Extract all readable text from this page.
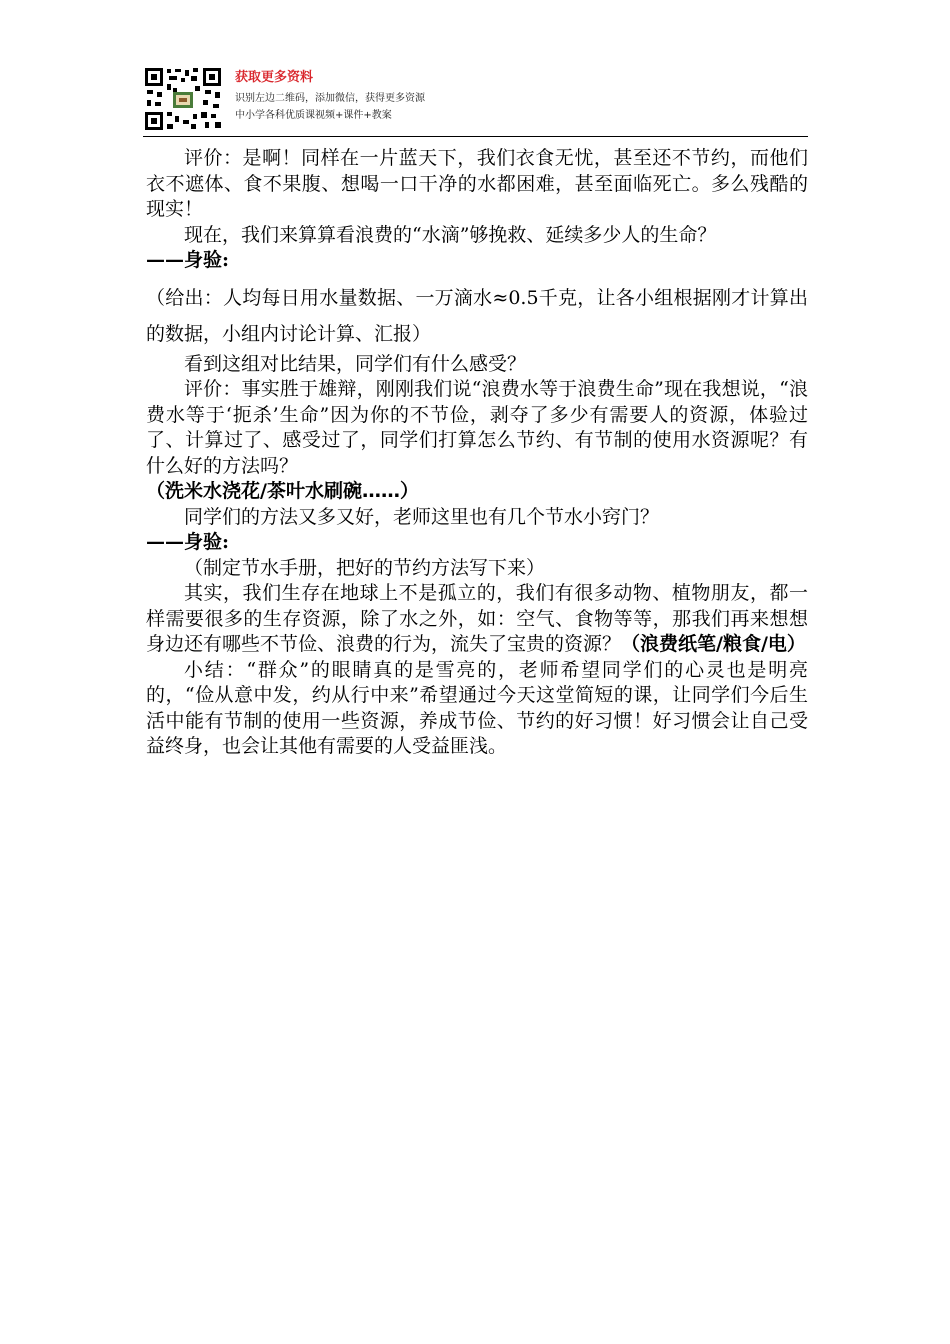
获取更多资料
识别左边二维码，添加微信，获得更多资源
中小学各科优质课视频+课件+教案

评价：是啊！同样在一片蓝天下，我们衣食无忧，甚至还不节约，而他们衣不遮体、食不果腹、想喝一口干净的水都困难，甚至面临死亡。多么残酷的现实！

现在，我们来算算看浪费的“水滴”够挽救、延续多少人的生命？

——身验:

（给出：人均每日用水量数据、一万滴水≈0.5千克，让各小组根据刚才计算出的数据，小组内讨论计算、汇报）

看到这组对比结果，同学们有什么感受？

评价：事实胜于雄辩，刚刚我们说“浪费水等于浪费生命”现在我想说，“浪费水等于‘扼杀’生命”因为你的不节俭，剥夺了多少有需要人的资源，体验过了、计算过了、感受过了，同学们打算怎么节约、有节制的使用水资源呢？有什么好的方法吗？

（洗米水浇花/茶叶水刷碗……）

同学们的方法又多又好，老师这里也有几个节水小窍门？

——身验:

（制定节水手册，把好的节约方法写下来）

其实，我们生存在地球上不是孤立的，我们有很多动物、植物朋友，都一样需要很多的生存资源，除了水之外，如：空气、食物等等，那我们再来想想身边还有哪些不节俭、浪费的行为，流失了宝贵的资源？（浪费纸笔/粮食/电）

小结：“群众”的眼睛真的是雪亮的，老师希望同学们的心灵也是明亮的，“俭从意中发，约从行中来”希望通过今天这堂简短的课，让同学们今后生活中能有节制的使用一些资源，养成节俭、节约的好习惯！好习惯会让自己受益终身，也会让其他有需要的人受益匪浅。
